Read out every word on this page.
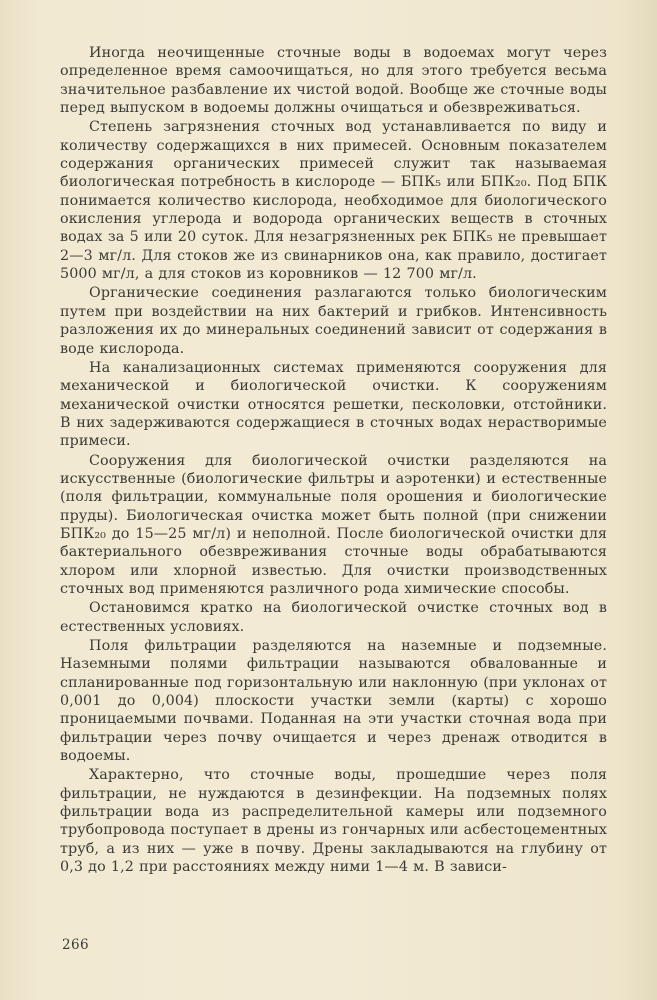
Иногда неочищенные сточные воды в водоемах могут через определенное время самоочищаться, но для этого требуется весьма значительное разбавление их чистой водой. Вообще же сточные воды перед выпуском в водоемы должны очищаться и обезвреживаться.

Степень загрязнения сточных вод устанавливается по виду и количеству содержащихся в них примесей. Основным показателем содержания органических примесей служит так называемая биологическая потребность в кислороде — БПК₅ или БПК₂₀. Под БПК понимается количество кислорода, необходимое для биологического окисления углерода и водорода органических веществ в сточных водах за 5 или 20 суток. Для незагрязненных рек БПК₅ не превышает 2—3 мг/л. Для стоков же из свинарников она, как правило, достигает 5000 мг/л, а для стоков из коровников — 12 700 мг/л.

Органические соединения разлагаются только биологическим путем при воздействии на них бактерий и грибков. Интенсивность разложения их до минеральных соединений зависит от содержания в воде кислорода.

На канализационных системах применяются сооружения для механической и биологической очистки. К сооружениям механической очистки относятся решетки, песколовки, отстойники. В них задерживаются содержащиеся в сточных водах нерастворимые примеси.

Сооружения для биологической очистки разделяются на искусственные (биологические фильтры и аэротенки) и естественные (поля фильтрации, коммунальные поля орошения и биологические пруды). Биологическая очистка может быть полной (при снижении БПК₂₀ до 15—25 мг/л) и неполной. После биологической очистки для бактериального обезвреживания сточные воды обрабатываются хлором или хлорной известью. Для очистки производственных сточных вод применяются различного рода химические способы.

Остановимся кратко на биологической очистке сточных вод в естественных условиях.

Поля фильтрации разделяются на наземные и подземные. Наземными полями фильтрации называются обвалованные и спланированные под горизонтальную или наклонную (при уклонах от 0,001 до 0,004) плоскости участки земли (карты) с хорошо проницаемыми почвами. Поданная на эти участки сточная вода при фильтрации через почву очищается и через дренаж отводится в водоемы.

Характерно, что сточные воды, прошедшие через поля фильтрации, не нуждаются в дезинфекции. На подземных полях фильтрации вода из распределительной камеры или подземного трубопровода поступает в дрены из гончарных или асбестоцементных труб, а из них — уже в почву. Дрены закладываются на глубину от 0,3 до 1,2 при расстояниях между ними 1—4 м. В зависи-

266
